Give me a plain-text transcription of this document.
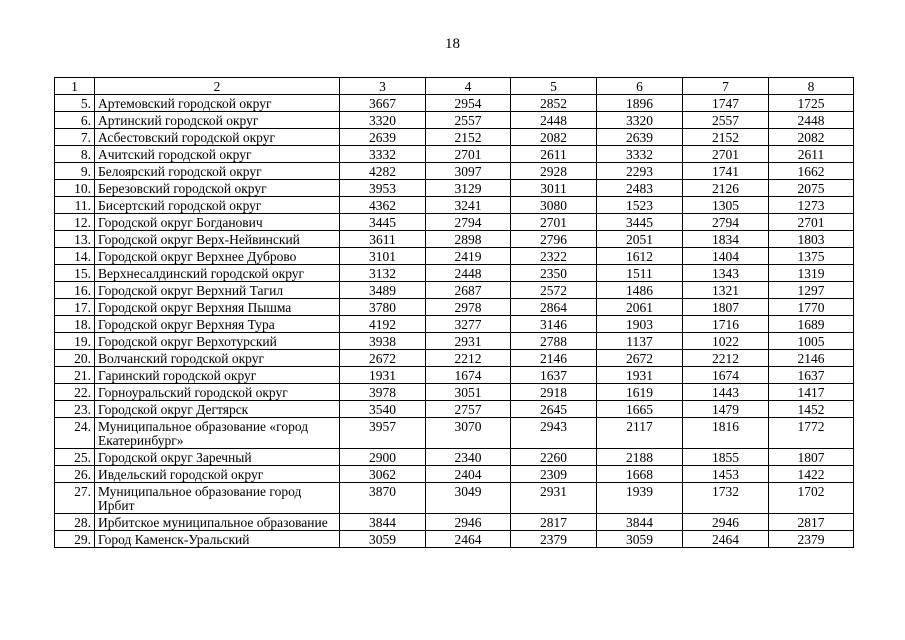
18
1	2	3	4	5	6	7	8
5.	Артемовский городской округ	3667	2954	2852	1896	1747	1725
6.	Артинский городской округ	3320	2557	2448	3320	2557	2448
7.	Асбестовский городской округ	2639	2152	2082	2639	2152	2082
8.	Ачитский городской округ	3332	2701	2611	3332	2701	2611
9.	Белоярский городской округ	4282	3097	2928	2293	1741	1662
10.	Березовский городской округ	3953	3129	3011	2483	2126	2075
11.	Бисертский городской округ	4362	3241	3080	1523	1305	1273
12.	Городской округ Богданович	3445	2794	2701	3445	2794	2701
13.	Городской округ Верх-Нейвинский	3611	2898	2796	2051	1834	1803
14.	Городской округ Верхнее Дуброво	3101	2419	2322	1612	1404	1375
15.	Верхнесалдинский городской округ	3132	2448	2350	1511	1343	1319
16.	Городской округ Верхний Тагил	3489	2687	2572	1486	1321	1297
17.	Городской округ Верхняя Пышма	3780	2978	2864	2061	1807	1770
18.	Городской округ Верхняя Тура	4192	3277	3146	1903	1716	1689
19.	Городской округ Верхотурский	3938	2931	2788	1137	1022	1005
20.	Волчанский городской округ	2672	2212	2146	2672	2212	2146
21.	Гаринский городской округ	1931	1674	1637	1931	1674	1637
22.	Горноуральский городской округ	3978	3051	2918	1619	1443	1417
23.	Городской округ Дегтярск	3540	2757	2645	1665	1479	1452
24.	Муниципальное образование «город Екатеринбург»	3957	3070	2943	2117	1816	1772
25.	Городской округ Заречный	2900	2340	2260	2188	1855	1807
26.	Ивдельский городской округ	3062	2404	2309	1668	1453	1422
27.	Муниципальное образование город Ирбит	3870	3049	2931	1939	1732	1702
28.	Ирбитское муниципальное образование	3844	2946	2817	3844	2946	2817
29.	Город Каменск-Уральский	3059	2464	2379	3059	2464	2379
